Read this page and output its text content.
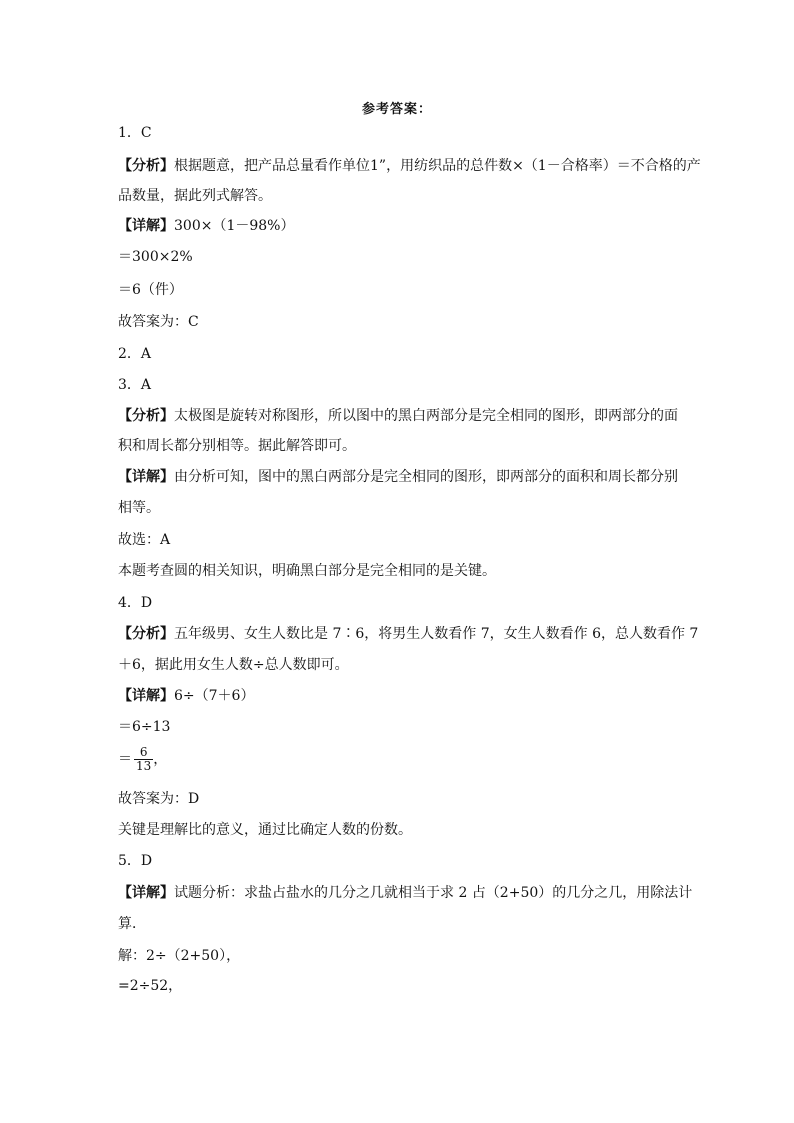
参考答案：
1．C
【分析】根据题意，把产品总量看作单位1”，用纺织品的总件数×（1－合格率）＝不合格的产
品数量，据此列式解答。
【详解】300×（1－98%）
＝300×2%
＝6（件）
故答案为：C
2．A
3．A
【分析】太极图是旋转对称图形，所以图中的黑白两部分是完全相同的图形，即两部分的面
积和周长都分别相等。据此解答即可。
【详解】由分析可知，图中的黑白两部分是完全相同的图形，即两部分的面积和周长都分别
相等。
故选：A
本题考查圆的相关知识，明确黑白部分是完全相同的是关键。
4．D
【分析】五年级男、女生人数比是 7∶6，将男生人数看作 7，女生人数看作 6，总人数看作 7
＋6，据此用女生人数÷总人数即可。
【详解】6÷（7＋6）
＝6÷13
＝ $\frac{6}{13}$ ，
故答案为：D
关键是理解比的意义，通过比确定人数的份数。
5．D
【详解】试题分析：求盐占盐水的几分之几就相当于求 2 占（2+50）的几分之几，用除法计
算．
解：2÷（2+50），
=2÷52，
